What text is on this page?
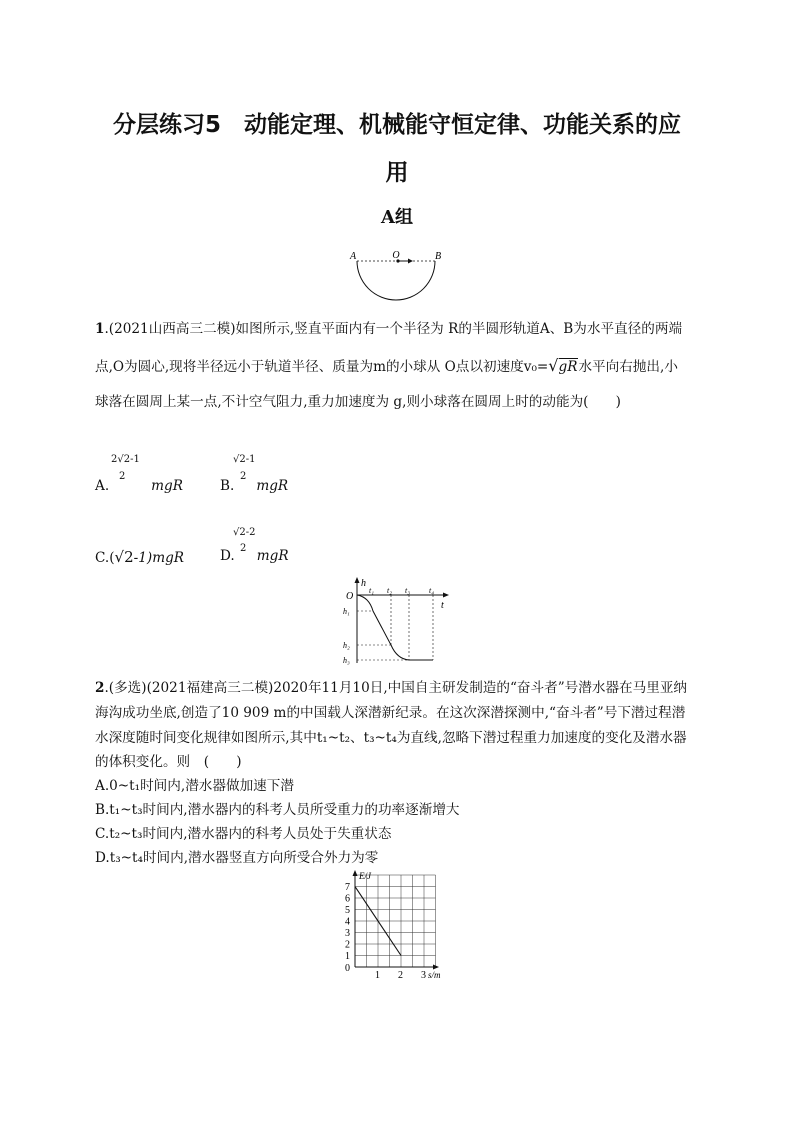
分层练习5　动能定理、机械能守恒定律、功能关系的应
用
A组
A	O	B
1.(2021山西高三二模)如图所示,竖直平面内有一个半径为 R的半圆形轨道A、B为水平直径的两端
点,O为圆心,现将半径远小于轨道半径、质量为m的小球从 O点以初速度v₀=√gR水平向右抛出,小
球落在圆周上某一点,不计空气阻力,重力加速度为 g,则小球落在圆周上时的动能为(　　)
2√2-1
2
A.	mgR
√2-1
2
B. mgR
C.(√2-1)mgR
√2-2
2
D. mgR
h
t
O
t₁ t₂ t₃ t₄
h₁
h₂
h₃
2.(多选)(2021福建高三二模)2020年11月10日,中国自主研发制造的“奋斗者”号潜水器在马里亚纳
海沟成功坐底,创造了10 909 m的中国载人深潜新纪录。在这次深潜探测中,“奋斗者”号下潜过程潜
水深度随时间变化规律如图所示,其中t₁~t₂、t₃~t₄为直线,忽略下潜过程重力加速度的变化及潜水器
的体积变化。则　(　　)
A.0~t₁时间内,潜水器做加速下潜
B.t₁~t₃时间内,潜水器内的科考人员所受重力的功率逐渐增大
C.t₂~t₃时间内,潜水器内的科考人员处于失重状态
D.t₃~t₄时间内,潜水器竖直方向所受合外力为零
1
2
3
4
5
6
7
1 2 3
E/J
s/m
0
